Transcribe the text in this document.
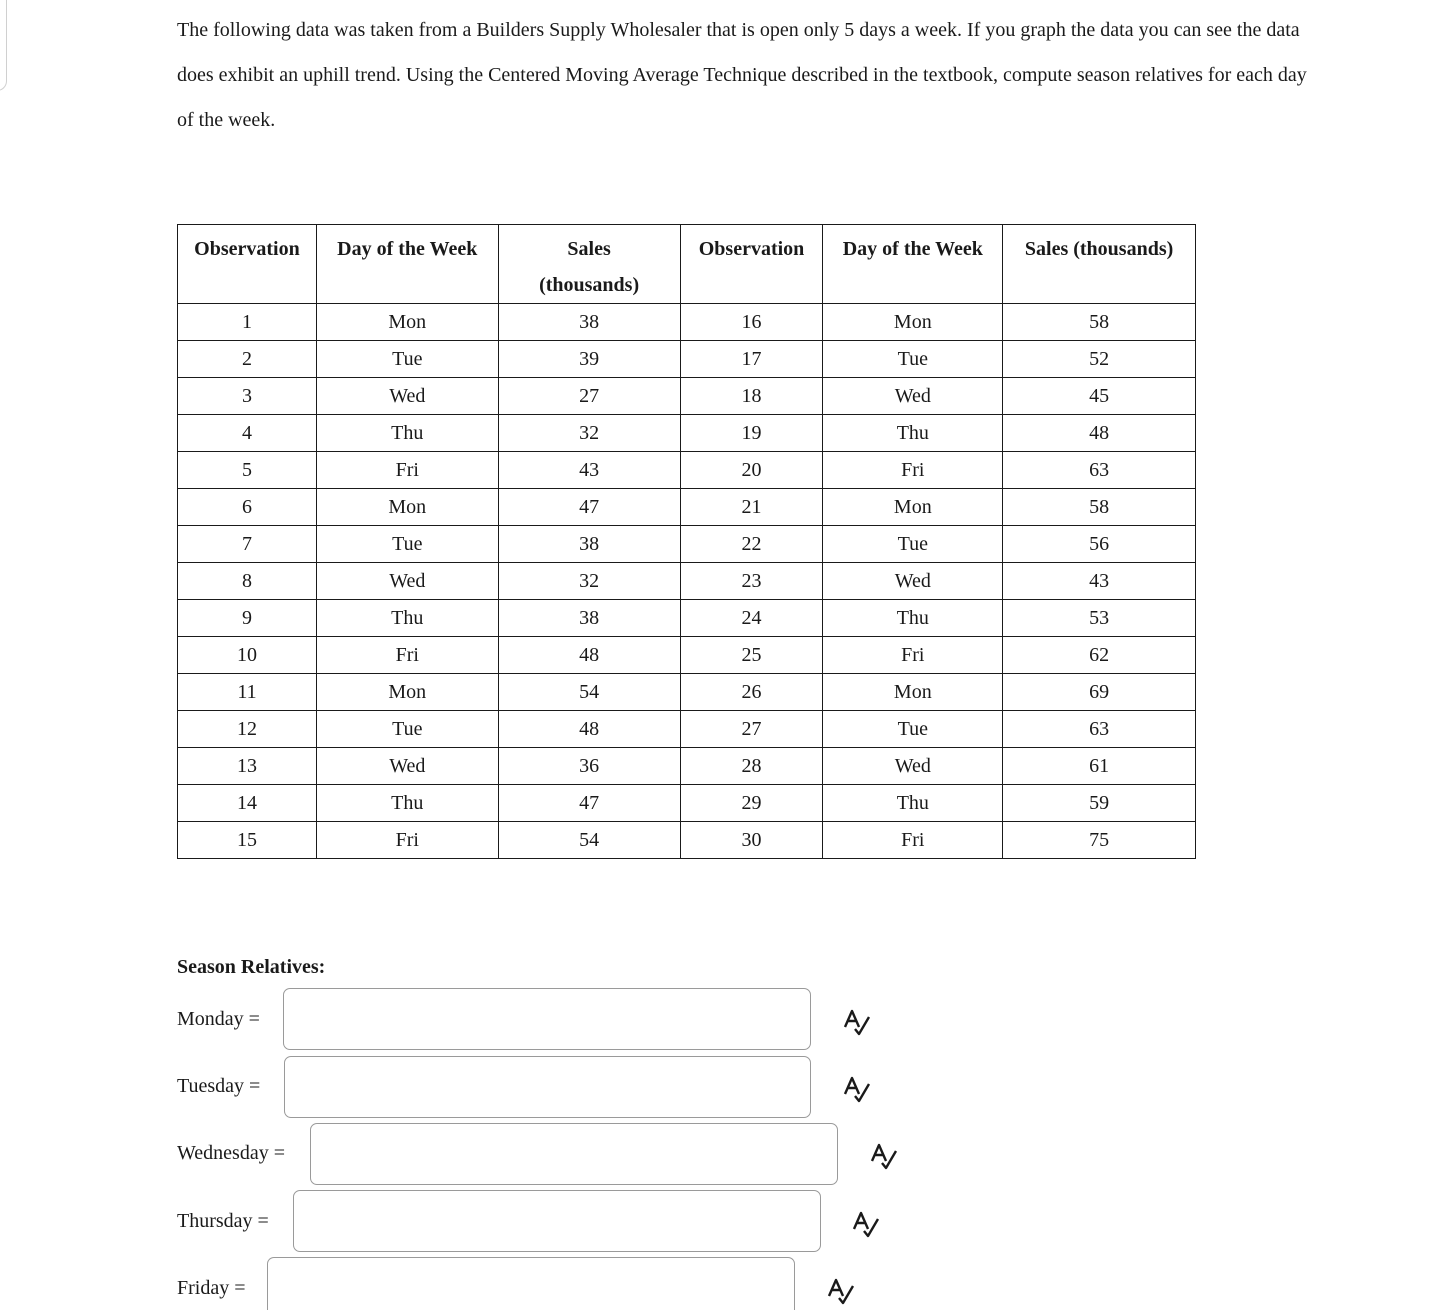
The following data was taken from a Builders Supply Wholesaler that is open only 5 days a week. If you graph the data you can see the data does exhibit an uphill trend. Using the Centered Moving Average Technique described in the textbook, compute season relatives for each day of the week.

Observation	Day of the Week	Sales (thousands)	Observation	Day of the Week	Sales (thousands)
1	Mon	38	16	Mon	58
2	Tue	39	17	Tue	52
3	Wed	27	18	Wed	45
4	Thu	32	19	Thu	48
5	Fri	43	20	Fri	63
6	Mon	47	21	Mon	58
7	Tue	38	22	Tue	56
8	Wed	32	23	Wed	43
9	Thu	38	24	Thu	53
10	Fri	48	25	Fri	62
11	Mon	54	26	Mon	69
12	Tue	48	27	Tue	63
13	Wed	36	28	Wed	61
14	Thu	47	29	Thu	59
15	Fri	54	30	Fri	75
Season Relatives:
Monday =
Tuesday =
Wednesday =
Thursday =
Friday =
